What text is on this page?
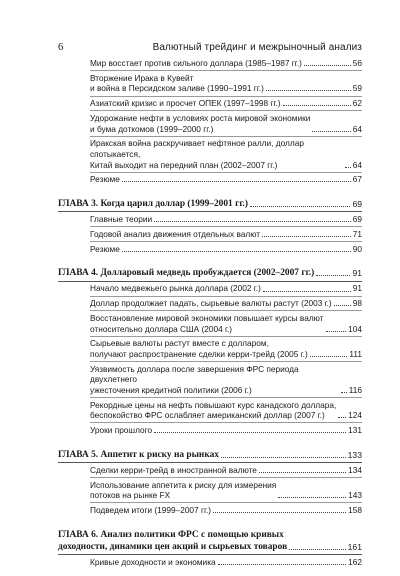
6	Валютный трейдинг и межрыночный анализ
Мир восстает против сильного доллара (1985–1987 гг.)	56
Вторжение Ирака в Кувейт
и война в Персидском заливе (1990–1991 гг.)	59
Азиатский кризис и просчет ОПЕК (1997–1998 гг.)	62
Удорожание нефти в условиях роста мировой экономики
и бума доткомов (1999–2000 гг.)	64
Иракская война раскручивает нефтяное ралли, доллар спотыкается,
Китай выходит на передний план (2002–2007 гг.)	64
Резюме	67
ГЛАВА 3. Когда царил доллар (1999–2001 гг.)	69
Главные теории	69
Годовой анализ движения отдельных валют	71
Резюме	90
ГЛАВА 4. Долларовый медведь пробуждается (2002–2007 гг.)	91
Начало медвежьего рынка доллара (2002 г.)	91
Доллар продолжает падать, сырьевые валюты растут (2003 г.)	98
Восстановление мировой экономики повышает курсы валют
относительно доллара США (2004 г.)	104
Сырьевые валюты растут вместе с долларом,
получают распространение сделки керри-трейд (2005 г.)	111
Уязвимость доллара после завершения ФРС периода двухлетнего
ужесточения кредитной политики (2006 г.)	116
Рекордные цены на нефть повышают курс канадского доллара,
беспокойство ФРС ослабляет американский доллар (2007 г.)	124
Уроки прошлого	131
ГЛАВА 5. Аппетит к риску на рынках	133
Сделки керри-трейд в иностранной валюте	134
Использование аппетита к риску для измерения
потоков на рынке FX	143
Подведем итоги (1999–2007 гг.)	158
ГЛАВА 6. Анализ политики ФРС с помощью кривых
доходности, динамики цен акций и сырьевых товаров	161
Кривые доходности и экономика	162
